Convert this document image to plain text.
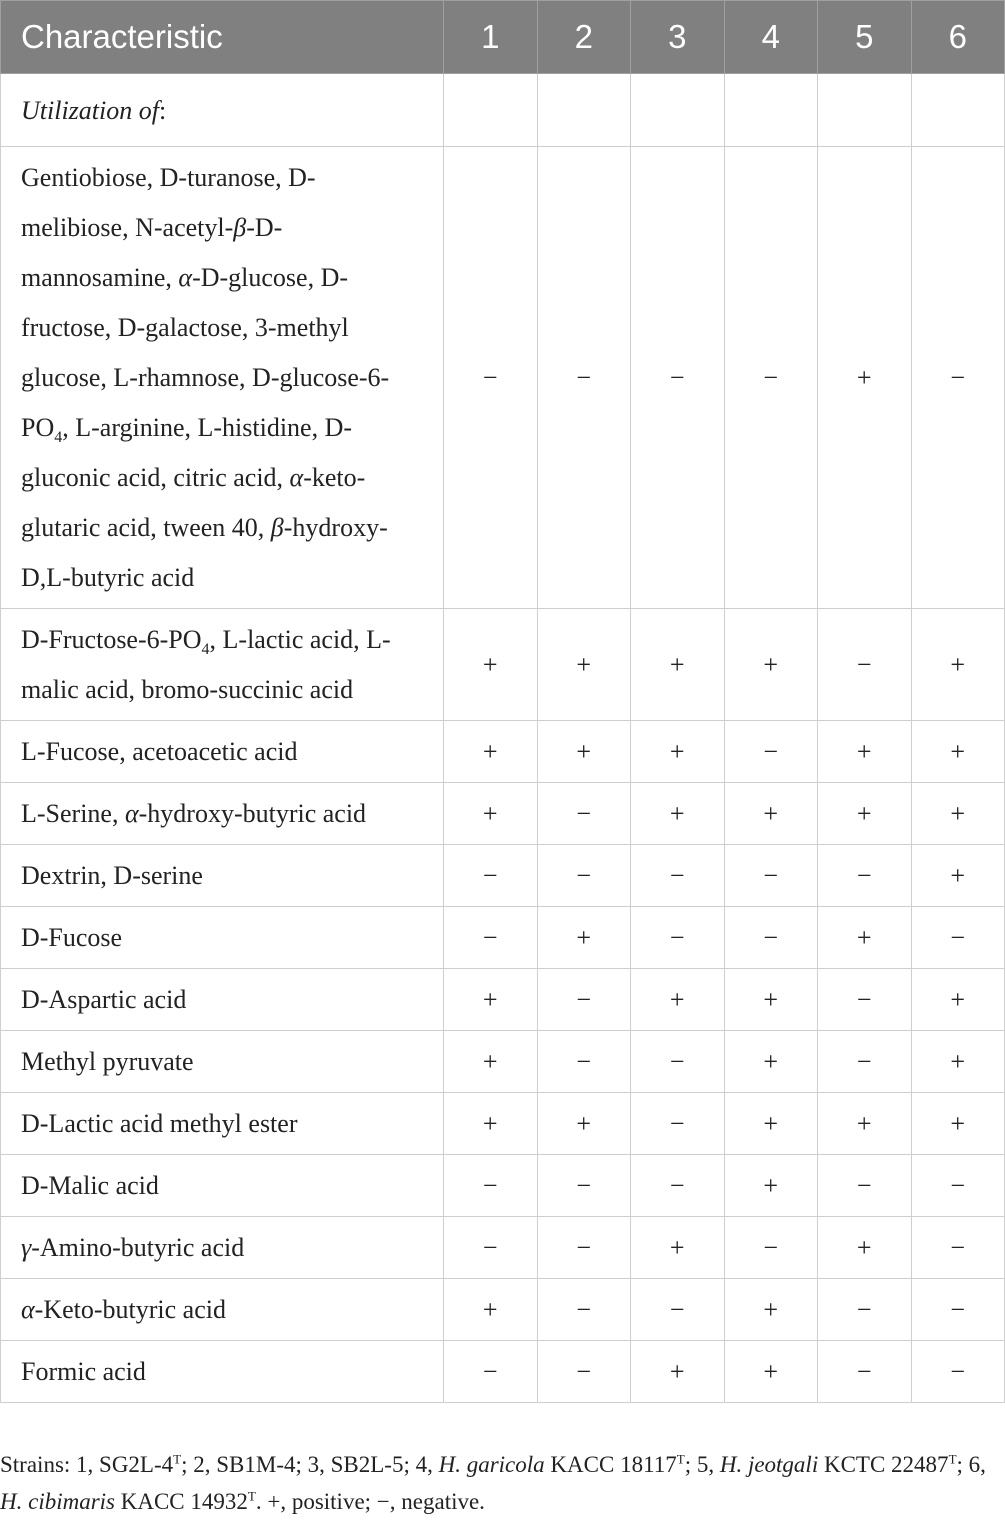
Characteristic	1	2	3	4	5	6
Utilization of:						
Gentiobiose, D-turanose, D-melibiose, N-acetyl-β-D-mannosamine, α-D-glucose, D-fructose, D-galactose, 3-methyl glucose, L-rhamnose, $D-glucose-6-PO_4$, L-arginine, L-histidine, D-gluconic acid, citric acid, α-keto-glutaric acid, tween 40, β-hydroxy-D,L-butyric acid	−	−	−	−	+	−
$D-Fructose-6-PO_4$, L-lactic acid, L-malic acid, bromo-succinic acid	+	+	+	+	−	+
L-Fucose, acetoacetic acid	+	+	+	−	+	+
L-Serine, α-hydroxy-butyric acid	+	−	+	+	+	+
Dextrin, D-serine	−	−	−	−	−	+
D-Fucose	−	+	−	−	+	−
D-Aspartic acid	+	−	+	+	−	+
Methyl pyruvate	+	−	−	+	−	+
D-Lactic acid methyl ester	+	+	−	+	+	+
D-Malic acid	−	−	−	+	−	−
γ-Amino-butyric acid	−	−	+	−	+	−
α-Keto-butyric acid	+	−	−	+	−	−
Formic acid	−	−	+	+	−	−
Strains: 1, $SG2L-4^T$; 2, SB1M-4; 3, SB2L-5; 4, H. garicola KACC $18117^T$; 5, H. jeotgali KCTC $22487^T$; 6, H. cibimaris KACC $14932^T$. +, positive; −, negative.
